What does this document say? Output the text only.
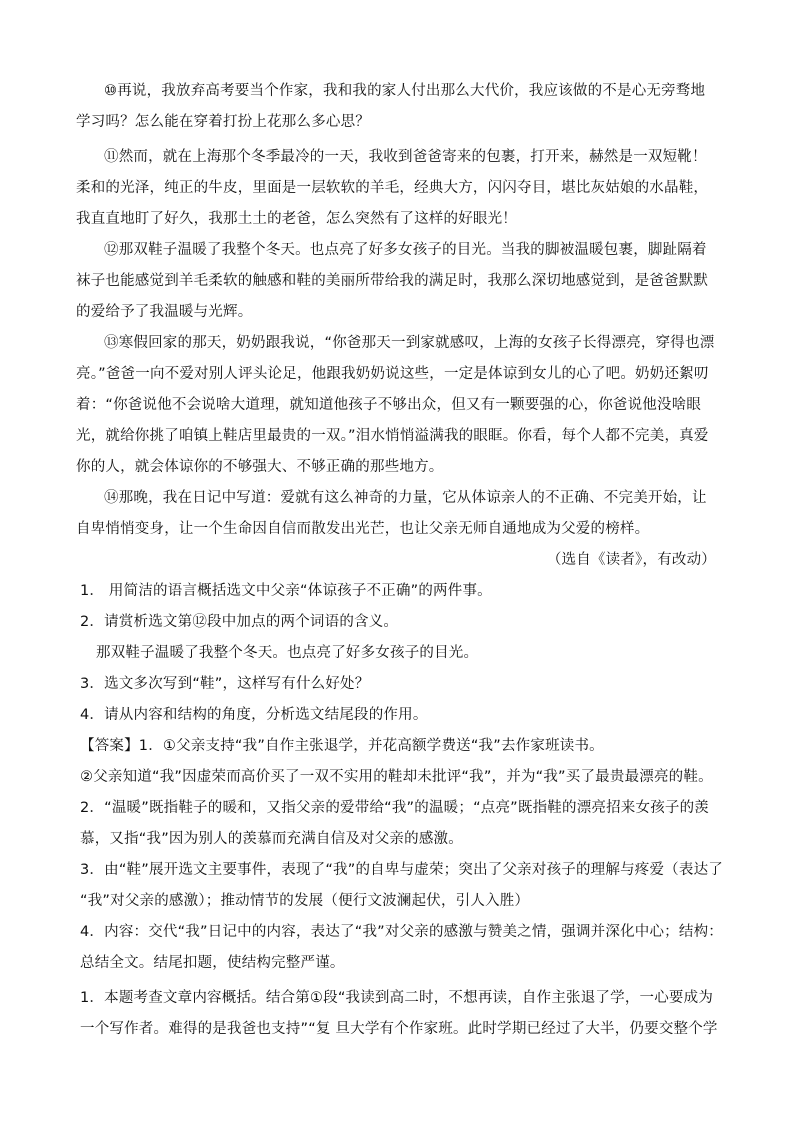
⑩再说，我放弃高考要当个作家，我和我的家人付出那么大代价，我应该做的不是心无旁骛地
学习吗？怎么能在穿着打扮上花那么多心思？
⑪然而，就在上海那个冬季最冷的一天，我收到爸爸寄来的包裹，打开来，赫然是一双短靴！
柔和的光泽，纯正的牛皮，里面是一层软软的羊毛，经典大方，闪闪夺目，堪比灰姑娘的水晶鞋，
我直直地盯了好久，我那土土的老爸，怎么突然有了这样的好眼光！
⑫那双鞋子温暖了我整个冬天。也点亮了好多女孩子的目光。当我的脚被温暖包裹，脚趾隔着
袜子也能感觉到羊毛柔软的触感和鞋的美丽所带给我的满足时，我那么深切地感觉到，是爸爸默默
的爱给予了我温暖与光辉。
⑬寒假回家的那天，奶奶跟我说，“你爸那天一到家就感叹，上海的女孩子长得漂亮，穿得也漂
亮。”爸爸一向不爱对别人评头论足，他跟我奶奶说这些，一定是体谅到女儿的心了吧。奶奶还絮叨
着：“你爸说他不会说啥大道理，就知道他孩子不够出众，但又有一颗要强的心，你爸说他没啥眼
光，就给你挑了咱镇上鞋店里最贵的一双。”泪水悄悄溢满我的眼眶。你看，每个人都不完美，真爱
你的人，就会体谅你的不够强大、不够正确的那些地方。
⑭那晚，我在日记中写道：爱就有这么神奇的力量，它从体谅亲人的不正确、不完美开始，让
自卑悄悄变身，让一个生命因自信而散发出光芒，也让父亲无师自通地成为父爱的榜样。
（选自《读者》，有改动）
1． 用简洁的语言概括选文中父亲“体谅孩子不正确”的两件事。
2．请赏析选文第⑫段中加点的两个词语的含义。
那双鞋子温暖了我整个冬天。也点亮了好多女孩子的目光。
3．选文多次写到“鞋”，这样写有什么好处？
4．请从内容和结构的角度，分析选文结尾段的作用。
【答案】1．①父亲支持“我”自作主张退学，并花高额学费送“我”去作家班读书。
②父亲知道“我”因虚荣而高价买了一双不实用的鞋却未批评“我”，并为“我”买了最贵最漂亮的鞋。
2．“温暖”既指鞋子的暖和，又指父亲的爱带给“我”的温暖；“点亮”既指鞋的漂亮招来女孩子的羡
慕，又指“我”因为别人的羡慕而充满自信及对父亲的感激。
3．由“鞋”展开选文主要事件，表现了“我”的自卑与虚荣；突出了父亲对孩子的理解与疼爱（表达了
“我”对父亲的感激）；推动情节的发展（便行文波澜起伏，引人入胜）
4．内容：交代“我”日记中的内容，表达了“我”对父亲的感激与赞美之情，强调并深化中心；结构：
总结全文。结尾扣题，使结构完整严谨。
1．本题考查文章内容概括。结合第①段“我读到高二时，不想再读，自作主张退了学，一心要成为
一个写作者。难得的是我爸也支持”“复 旦大学有个作家班。此时学期已经过了大半，仍要交整个学
